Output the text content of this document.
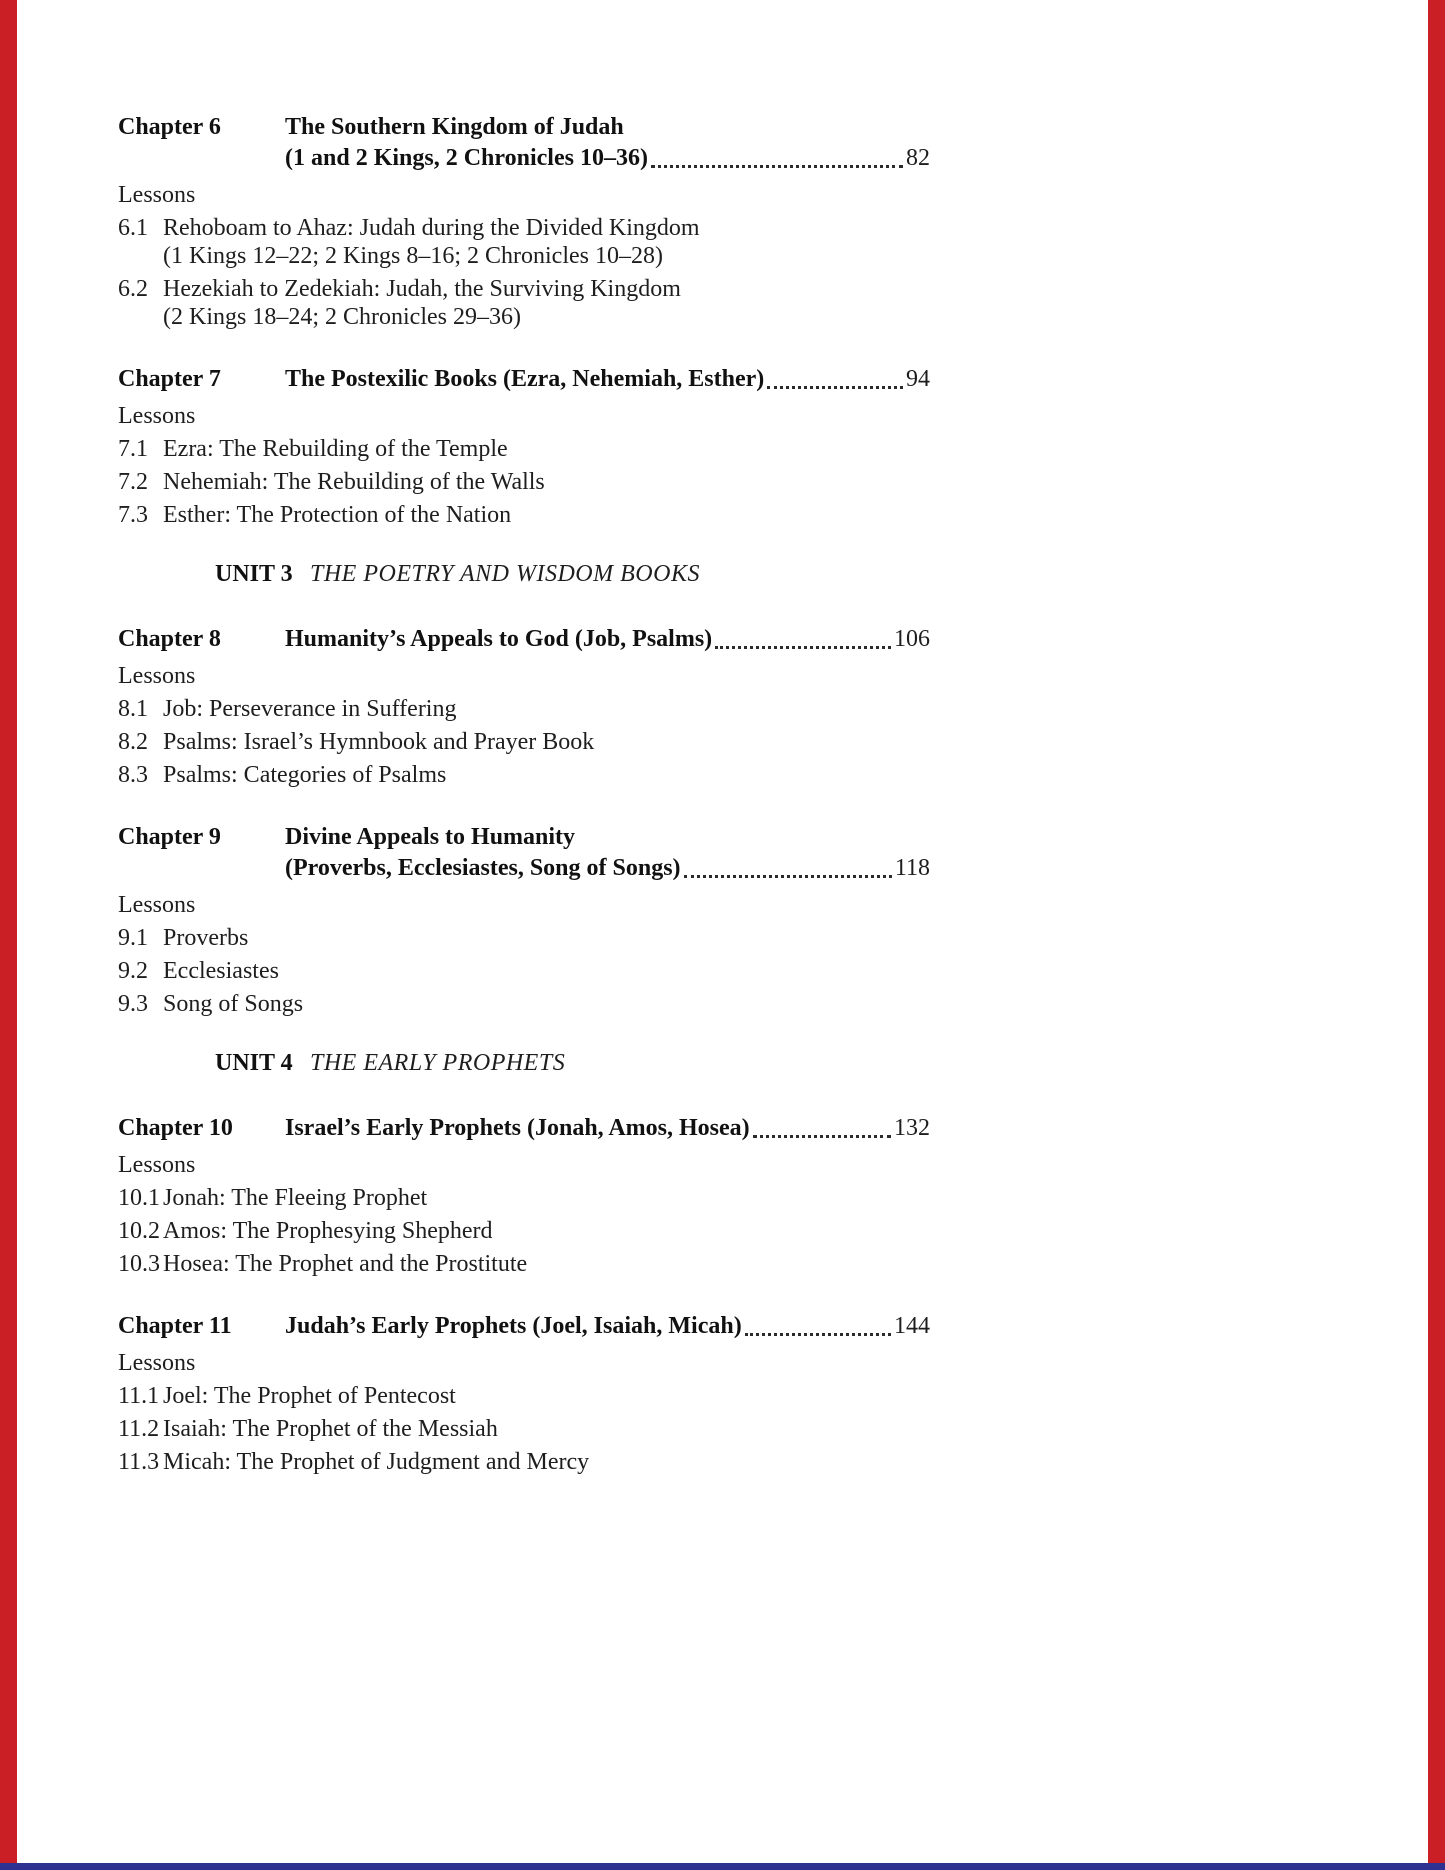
Chapter 6	The Southern Kingdom of Judah
(1 and 2 Kings, 2 Chronicles 10–36)	82
Lessons
6.1 Rehoboam to Ahaz: Judah during the Divided Kingdom
(1 Kings 12–22; 2 Kings 8–16; 2 Chronicles 10–28)
6.2 Hezekiah to Zedekiah: Judah, the Surviving Kingdom
(2 Kings 18–24; 2 Chronicles 29–36)
Chapter 7	The Postexilic Books (Ezra, Nehemiah, Esther)	94
Lessons
7.1 Ezra: The Rebuilding of the Temple
7.2 Nehemiah: The Rebuilding of the Walls
7.3 Esther: The Protection of the Nation
UNIT 3 THE POETRY AND WISDOM BOOKS
Chapter 8	Humanity’s Appeals to God (Job, Psalms)	106
Lessons
8.1 Job: Perseverance in Suffering
8.2 Psalms: Israel’s Hymnbook and Prayer Book
8.3 Psalms: Categories of Psalms
Chapter 9	Divine Appeals to Humanity
(Proverbs, Ecclesiastes, Song of Songs)	118
Lessons
9.1 Proverbs
9.2 Ecclesiastes
9.3 Song of Songs
UNIT 4 THE EARLY PROPHETS
Chapter 10	Israel’s Early Prophets (Jonah, Amos, Hosea)	132
Lessons
10.1 Jonah: The Fleeing Prophet
10.2 Amos: The Prophesying Shepherd
10.3 Hosea: The Prophet and the Prostitute
Chapter 11	Judah’s Early Prophets (Joel, Isaiah, Micah)	144
Lessons
11.1 Joel: The Prophet of Pentecost
11.2 Isaiah: The Prophet of the Messiah
11.3 Micah: The Prophet of Judgment and Mercy
